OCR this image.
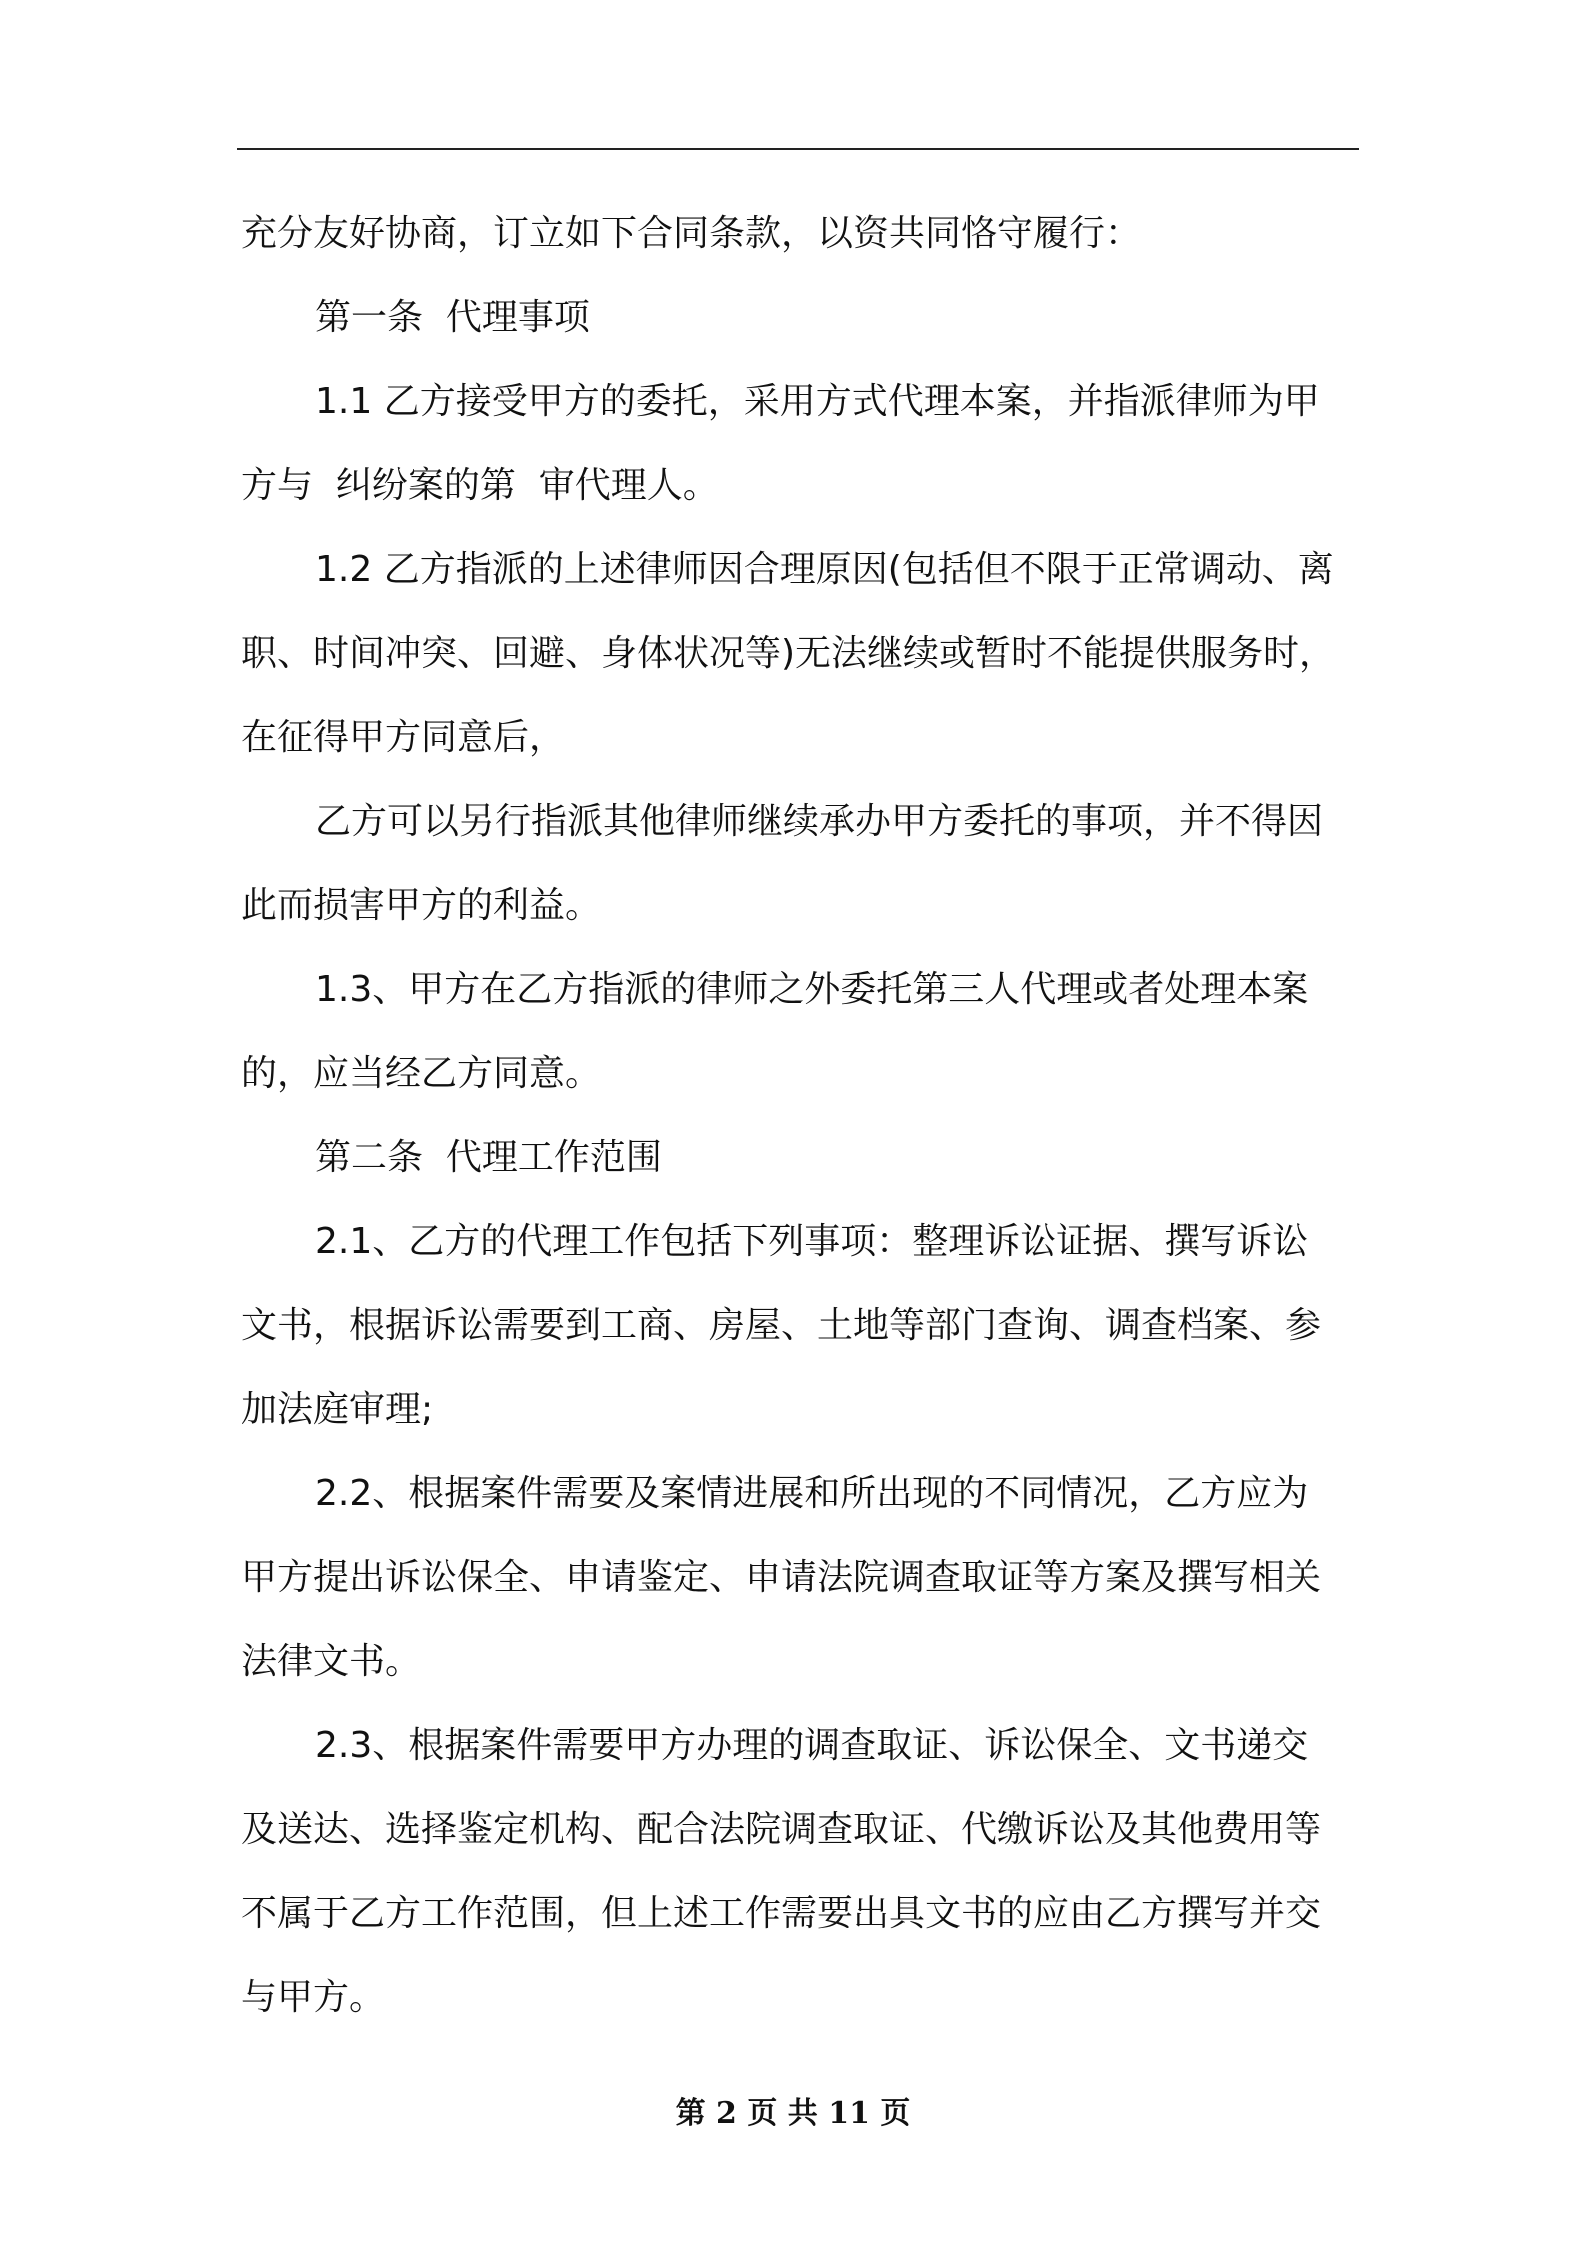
充分友好协商，订立如下合同条款，以资共同恪守履行：
第一条  代理事项
1.1 乙方接受甲方的委托，采用方式代理本案，并指派律师为甲
方与  纠纷案的第  审代理人。
1.2 乙方指派的上述律师因合理原因(包括但不限于正常调动、离
职、时间冲突、回避、身体状况等)无法继续或暂时不能提供服务时，
在征得甲方同意后，
乙方可以另行指派其他律师继续承办甲方委托的事项，并不得因
此而损害甲方的利益。
1.3、甲方在乙方指派的律师之外委托第三人代理或者处理本案
的，应当经乙方同意。
第二条  代理工作范围
2.1、乙方的代理工作包括下列事项：整理诉讼证据、撰写诉讼
文书，根据诉讼需要到工商、房屋、土地等部门查询、调查档案、参
加法庭审理;
2.2、根据案件需要及案情进展和所出现的不同情况，乙方应为
甲方提出诉讼保全、申请鉴定、申请法院调查取证等方案及撰写相关
法律文书。
2.3、根据案件需要甲方办理的调查取证、诉讼保全、文书递交
及送达、选择鉴定机构、配合法院调查取证、代缴诉讼及其他费用等
不属于乙方工作范围，但上述工作需要出具文书的应由乙方撰写并交
与甲方。
第 2 页 共 11 页
